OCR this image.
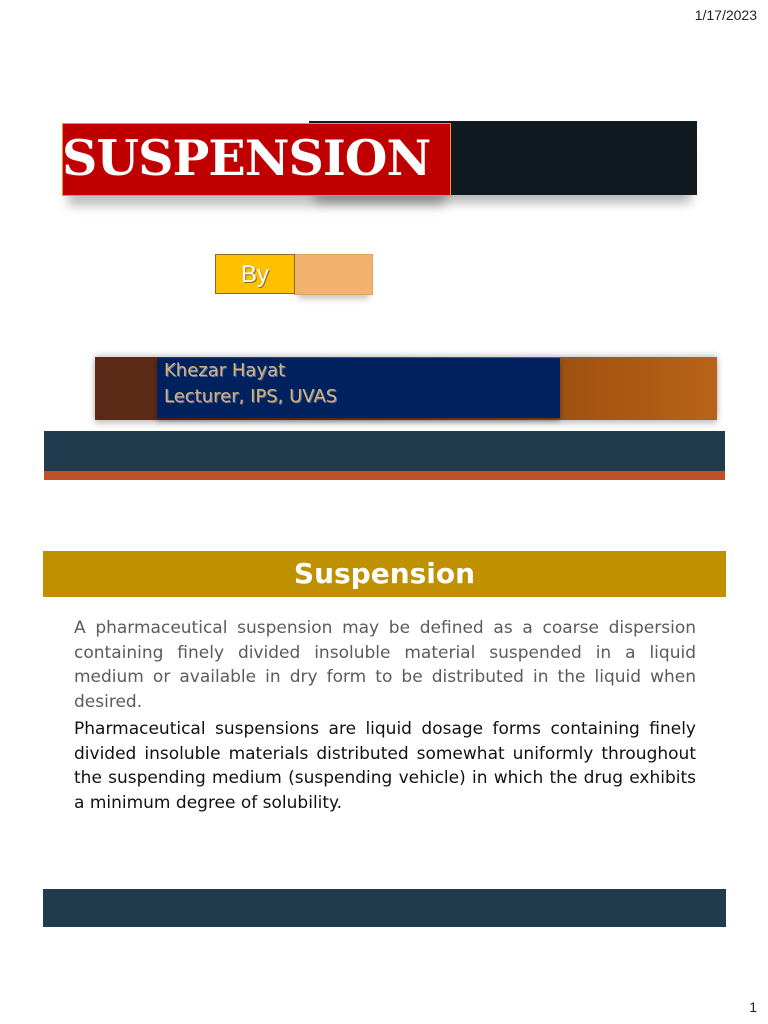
1/17/2023
SUSPENSION
By
Khezar Hayat
Lecturer, IPS, UVAS
Suspension
A pharmaceutical suspension may be defined as a coarse dispersion containing finely divided insoluble material suspended in a liquid medium or available in dry form to be distributed in the liquid when desired.
Pharmaceutical suspensions are liquid dosage forms containing finely divided insoluble materials distributed somewhat uniformly throughout the suspending medium (suspending vehicle) in which the drug exhibits a minimum degree of solubility.
1
